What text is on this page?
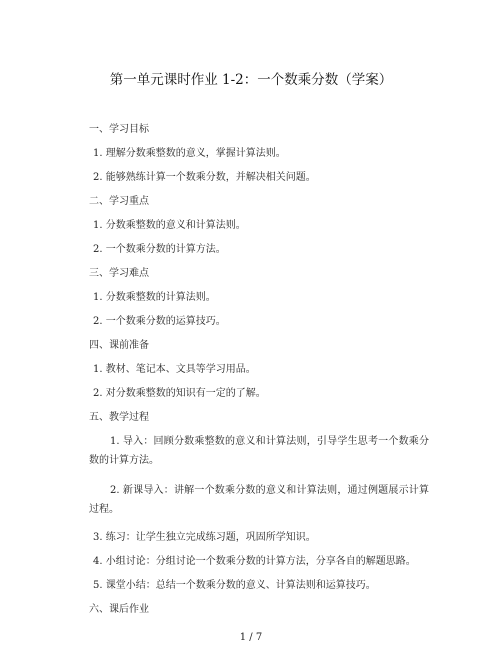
第一单元课时作业 1-2：一个数乘分数（学案）
一、学习目标
1. 理解分数乘整数的意义，掌握计算法则。
2. 能够熟练计算一个数乘分数，并解决相关问题。
二、学习重点
1. 分数乘整数的意义和计算法则。
2. 一个数乘分数的计算方法。
三、学习难点
1. 分数乘整数的计算法则。
2. 一个数乘分数的运算技巧。
四、课前准备
1. 教材、笔记本、文具等学习用品。
2. 对分数乘整数的知识有一定的了解。
五、教学过程
1. 导入：回顾分数乘整数的意义和计算法则，引导学生思考一个数乘分数的计算方法。
2. 新课导入：讲解一个数乘分数的意义和计算法则，通过例题展示计算过程。
3. 练习：让学生独立完成练习题，巩固所学知识。
4. 小组讨论：分组讨论一个数乘分数的计算方法，分享各自的解题思路。
5. 课堂小结：总结一个数乘分数的意义、计算法则和运算技巧。
六、课后作业
1 / 7
